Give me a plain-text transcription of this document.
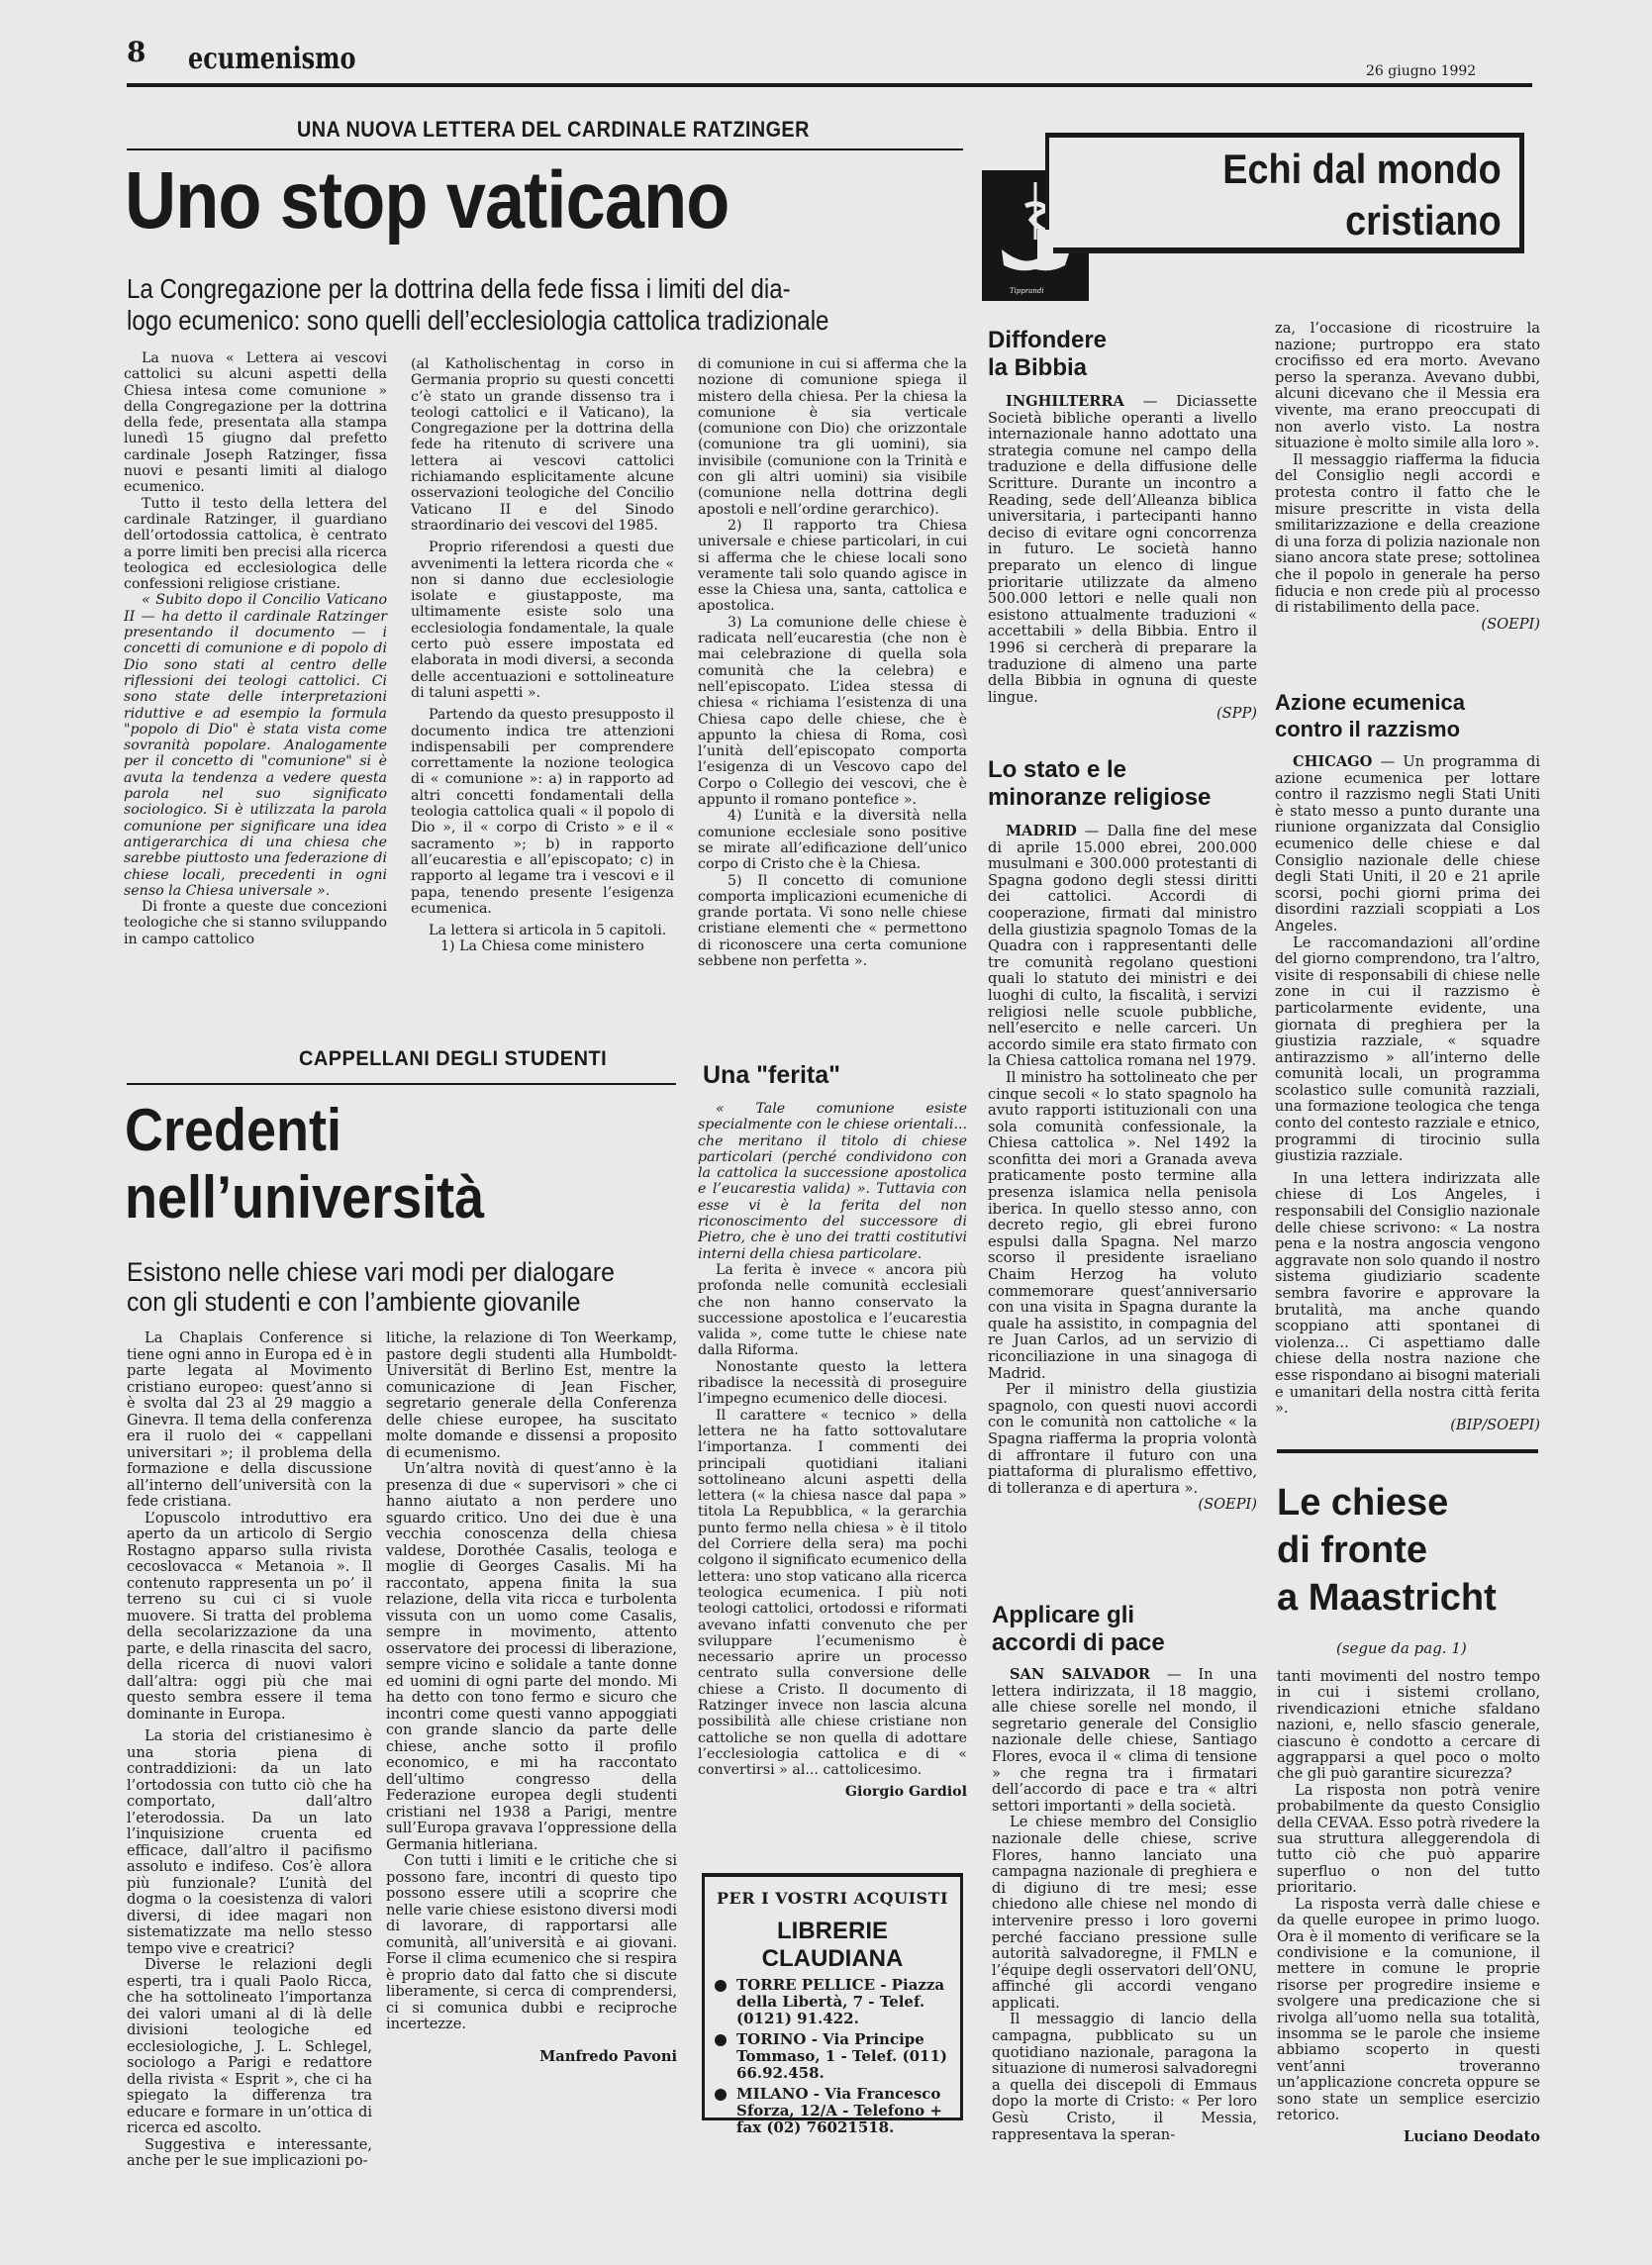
8 ecumenismo	26 giugno 1992
UNA NUOVA LETTERA DEL CARDINALE RATZINGER
Uno stop vaticano
La Congregazione per la dottrina della fede fissa i limiti del dia-
logo ecumenico: sono quelli dell’ecclesiologia cattolica tradizionale

La nuova « Lettera ai vescovi cattolici su alcuni aspetti della Chiesa intesa come comunione » della Congregazione per la dottrina della fede, presentata alla stampa lunedì 15 giugno dal prefetto cardinale Joseph Ratzinger, fissa nuovi e pesanti limiti al dialogo ecumenico.

Tutto il testo della lettera del cardinale Ratzinger, il guardiano dell’ortodossia cattolica, è centrato a porre limiti ben precisi alla ricerca teologica ed ecclesiologica delle confessioni religiose cristiane.

« Subito dopo il Concilio Vaticano II — ha detto il cardinale Ratzinger presentando il documento — i concetti di comunione e di popolo di Dio sono stati al centro delle riflessioni dei teologi cattolici. Ci sono state delle interpretazioni riduttive e ad esempio la formula "popolo di Dio" è stata vista come sovranità popolare. Analogamente per il concetto di "comunione" si è avuta la tendenza a vedere questa parola nel suo significato sociologico. Si è utilizzata la parola comunione per significare una idea antigerarchica di una chiesa che sarebbe piuttosto una federazione di chiese locali, precedenti in ogni senso la Chiesa universale ».

Di fronte a queste due concezioni teologiche che si stanno sviluppando in campo cattolico

(al Katholischentag in corso in Germania proprio su questi concetti c’è stato un grande dissenso tra i teologi cattolici e il Vaticano), la Congregazione per la dottrina della fede ha ritenuto di scrivere una lettera ai vescovi cattolici richiamando esplicitamente alcune osservazioni teologiche del Concilio Vaticano II e del Sinodo straordinario dei vescovi del 1985.

Proprio riferendosi a questi due avvenimenti la lettera ricorda che « non si danno due ecclesiologie isolate e giustapposte, ma ultimamente esiste solo una ecclesiologia fondamentale, la quale certo può essere impostata ed elaborata in modi diversi, a seconda delle accentuazioni e sottolineature di taluni aspetti ».

Partendo da questo presupposto il documento indica tre attenzioni indispensabili per comprendere correttamente la nozione teologica di « comunione »: a) in rapporto ad altri concetti fondamentali della teologia cattolica quali « il popolo di Dio », il « corpo di Cristo » e il « sacramento »; b) in rapporto all’eucarestia e all’episcopato; c) in rapporto al legame tra i vescovi e il papa, tenendo presente l’esigenza ecumenica.

La lettera si articola in 5 capitoli.

1) La Chiesa come ministero

di comunione in cui si afferma che la nozione di comunione spiega il mistero della chiesa. Per la chiesa la comunione è sia verticale (comunione con Dio) che orizzontale (comunione tra gli uomini), sia invisibile (comunione con la Trinità e con gli altri uomini) sia visibile (comunione nella dottrina degli apostoli e nell’ordine gerarchico).

2) Il rapporto tra Chiesa universale e chiese particolari, in cui si afferma che le chiese locali sono veramente tali solo quando agisce in esse la Chiesa una, santa, cattolica e apostolica.

3) La comunione delle chiese è radicata nell’eucarestia (che non è mai celebrazione di quella sola comunità che la celebra) e nell’episcopato. L’idea stessa di chiesa « richiama l’esistenza di una Chiesa capo delle chiese, che è appunto la chiesa di Roma, così l’unità dell’episcopato comporta l’esigenza di un Vescovo capo del Corpo o Collegio dei vescovi, che è appunto il romano pontefice ».

4) L’unità e la diversità nella comunione ecclesiale sono positive se mirate all’edificazione dell’unico corpo di Cristo che è la Chiesa.

5) Il concetto di comunione comporta implicazioni ecumeniche di grande portata. Vi sono nelle chiese cristiane elementi che « permettono di riconoscere una certa comunione sebbene non perfetta ».

Una "ferita"

« Tale comunione esiste specialmente con le chiese orientali... che meritano il titolo di chiese particolari (perché condividono con la cattolica la successione apostolica e l’eucarestia valida) ». Tuttavia con esse vi è la ferita del non riconoscimento del successore di Pietro, che è uno dei tratti costitutivi interni della chiesa particolare.

La ferita è invece « ancora più profonda nelle comunità ecclesiali che non hanno conservato la successione apostolica e l’eucarestia valida », come tutte le chiese nate dalla Riforma.

Nonostante questo la lettera ribadisce la necessità di proseguire l’impegno ecumenico delle diocesi.

Il carattere « tecnico » della lettera ne ha fatto sottovalutare l’importanza. I commenti dei principali quotidiani italiani sottolineano alcuni aspetti della lettera (« la chiesa nasce dal papa » titola La Repubblica, « la gerarchia punto fermo nella chiesa » è il titolo del Corriere della sera) ma pochi colgono il significato ecumenico della lettera: uno stop vaticano alla ricerca teologica ecumenica. I più noti teologi cattolici, ortodossi e riformati avevano infatti convenuto che per sviluppare l’ecumenismo è necessario aprire un processo centrato sulla conversione delle chiese a Cristo. Il documento di Ratzinger invece non lascia alcuna possibilità alle chiese cristiane non cattoliche se non quella di adottare l’ecclesiologia cattolica e di « convertirsi » al... cattolicesimo.

Giorgio Gardiol

CAPPELLANI DEGLI STUDENTI
Credenti
nell’università
Esistono nelle chiese vari modi per dialogare
con gli studenti e con l’ambiente giovanile

La Chaplais Conference si tiene ogni anno in Europa ed è in parte legata al Movimento cristiano europeo: quest’anno si è svolta dal 23 al 29 maggio a Ginevra. Il tema della conferenza era il ruolo dei « cappellani universitari »; il problema della formazione e della discussione all’interno dell’università con la fede cristiana.

L’opuscolo introduttivo era aperto da un articolo di Sergio Rostagno apparso sulla rivista cecoslovacca « Metanoia ». Il contenuto rappresenta un po’ il terreno su cui ci si vuole muovere. Si tratta del problema della secolarizzazione da una parte, e della rinascita del sacro, della ricerca di nuovi valori dall’altra: oggi più che mai questo sembra essere il tema dominante in Europa.

La storia del cristianesimo è una storia piena di contraddizioni: da un lato l’ortodossia con tutto ciò che ha comportato, dall’altro l’eterodossia. Da un lato l’inquisizione cruenta ed efficace, dall’altro il pacifismo assoluto e indifeso. Cos’è allora più funzionale? L’unità del dogma o la coesistenza di valori diversi, di idee magari non sistematizzate ma nello stesso tempo vive e creatrici?

Diverse le relazioni degli esperti, tra i quali Paolo Ricca, che ha sottolineato l’importanza dei valori umani al di là delle divisioni teologiche ed ecclesiologiche, J. L. Schlegel, sociologo a Parigi e redattore della rivista « Esprit », che ci ha spiegato la differenza tra educare e formare in un’ottica di ricerca ed ascolto.

Suggestiva e interessante, anche per le sue implicazioni po-

litiche, la relazione di Ton Weerkamp, pastore degli studenti alla Humboldt-Universität di Berlino Est, mentre la comunicazione di Jean Fischer, segretario generale della Conferenza delle chiese europee, ha suscitato molte domande e dissensi a proposito di ecumenismo.

Un’altra novità di quest’anno è la presenza di due « supervisori » che ci hanno aiutato a non perdere uno sguardo critico. Uno dei due è una vecchia conoscenza della chiesa valdese, Dorothée Casalis, teologa e moglie di Georges Casalis. Mi ha raccontato, appena finita la sua relazione, della vita ricca e turbolenta vissuta con un uomo come Casalis, sempre in movimento, attento osservatore dei processi di liberazione, sempre vicino e solidale a tante donne ed uomini di ogni parte del mondo. Mi ha detto con tono fermo e sicuro che incontri come questi vanno appoggiati con grande slancio da parte delle chiese, anche sotto il profilo economico, e mi ha raccontato dell’ultimo congresso della Federazione europea degli studenti cristiani nel 1938 a Parigi, mentre sull’Europa gravava l’oppressione della Germania hitleriana.

Con tutti i limiti e le critiche che si possono fare, incontri di questo tipo possono essere utili a scoprire che nelle varie chiese esistono diversi modi di lavorare, di rapportarsi alle comunità, all’università e ai giovani. Forse il clima ecumenico che si respira è proprio dato dal fatto che si discute liberamente, si cerca di comprendersi, ci si comunica dubbi e reciproche incertezze.

Manfredo Pavoni

PER I VOSTRI ACQUISTI
LIBRERIE
CLAUDIANA
TORRE PELLICE - Piazza della Libertà, 7 - Telef. (0121) 91.422.
TORINO - Via Principe Tommaso, 1 - Telef. (011) 66.92.458.
MILANO - Via Francesco Sforza, 12/A - Telefono + fax (02) 76021518.
Tipprandi
Echi dal mondo
cristiano
Diffondere
la Bibbia

INGHILTERRA — Diciassette Società bibliche operanti a livello internazionale hanno adottato una strategia comune nel campo della traduzione e della diffusione delle Scritture. Durante un incontro a Reading, sede dell’Alleanza biblica universitaria, i partecipanti hanno deciso di evitare ogni concorrenza in futuro. Le società hanno preparato un elenco di lingue prioritarie utilizzate da almeno 500.000 lettori e nelle quali non esistono attualmente traduzioni « accettabili » della Bibbia. Entro il 1996 si cercherà di preparare la traduzione di almeno una parte della Bibbia in ognuna di queste lingue.

(SPP)

Lo stato e le
minoranze religiose

MADRID — Dalla fine del mese di aprile 15.000 ebrei, 200.000 musulmani e 300.000 protestanti di Spagna godono degli stessi diritti dei cattolici. Accordi di cooperazione, firmati dal ministro della giustizia spagnolo Tomas de la Quadra con i rappresentanti delle tre comunità regolano questioni quali lo statuto dei ministri e dei luoghi di culto, la fiscalità, i servizi religiosi nelle scuole pubbliche, nell’esercito e nelle carceri. Un accordo simile era stato firmato con la Chiesa cattolica romana nel 1979.

Il ministro ha sottolineato che per cinque secoli « lo stato spagnolo ha avuto rapporti istituzionali con una sola comunità confessionale, la Chiesa cattolica ». Nel 1492 la sconfitta dei mori a Granada aveva praticamente posto termine alla presenza islamica nella penisola iberica. In quello stesso anno, con decreto regio, gli ebrei furono espulsi dalla Spagna. Nel marzo scorso il presidente israeliano Chaim Herzog ha voluto commemorare quest’anniversario con una visita in Spagna durante la quale ha assistito, in compagnia del re Juan Carlos, ad un servizio di riconciliazione in una sinagoga di Madrid.

Per il ministro della giustizia spagnolo, con questi nuovi accordi con le comunità non cattoliche « la Spagna riafferma la propria volontà di affrontare il futuro con una piattaforma di pluralismo effettivo, di tolleranza e di apertura ».

(SOEPI)

Applicare gli
accordi di pace

SAN SALVADOR — In una lettera indirizzata, il 18 maggio, alle chiese sorelle nel mondo, il segretario generale del Consiglio nazionale delle chiese, Santiago Flores, evoca il « clima di tensione » che regna tra i firmatari dell’accordo di pace e tra « altri settori importanti » della società.

Le chiese membro del Consiglio nazionale delle chiese, scrive Flores, hanno lanciato una campagna nazionale di preghiera e di digiuno di tre mesi; esse chiedono alle chiese nel mondo di intervenire presso i loro governi perché facciano pressione sulle autorità salvadoregne, il FMLN e l’équipe degli osservatori dell’ONU, affinché gli accordi vengano applicati.

Il messaggio di lancio della campagna, pubblicato su un quotidiano nazionale, paragona la situazione di numerosi salvadoregni a quella dei discepoli di Emmaus dopo la morte di Cristo: « Per loro Gesù Cristo, il Messia, rappresentava la speran-

za, l’occasione di ricostruire la nazione; purtroppo era stato crocifisso ed era morto. Avevano perso la speranza. Avevano dubbi, alcuni dicevano che il Messia era vivente, ma erano preoccupati di non averlo visto. La nostra situazione è molto simile alla loro ».

Il messaggio riafferma la fiducia del Consiglio negli accordi e protesta contro il fatto che le misure prescritte in vista della smilitarizzazione e della creazione di una forza di polizia nazionale non siano ancora state prese; sottolinea che il popolo in generale ha perso fiducia e non crede più al processo di ristabilimento della pace.

(SOEPI)

Azione ecumenica
contro il razzismo

CHICAGO — Un programma di azione ecumenica per lottare contro il razzismo negli Stati Uniti è stato messo a punto durante una riunione organizzata dal Consiglio ecumenico delle chiese e dal Consiglio nazionale delle chiese degli Stati Uniti, il 20 e 21 aprile scorsi, pochi giorni prima dei disordini razziali scoppiati a Los Angeles.

Le raccomandazioni all’ordine del giorno comprendono, tra l’altro, visite di responsabili di chiese nelle zone in cui il razzismo è particolarmente evidente, una giornata di preghiera per la giustizia razziale, « squadre antirazzismo » all’interno delle comunità locali, un programma scolastico sulle comunità razziali, una formazione teologica che tenga conto del contesto razziale e etnico, programmi di tirocinio sulla giustizia razziale.

In una lettera indirizzata alle chiese di Los Angeles, i responsabili del Consiglio nazionale delle chiese scrivono: « La nostra pena e la nostra angoscia vengono aggravate non solo quando il nostro sistema giudiziario scadente sembra favorire e approvare la brutalità, ma anche quando scoppiano atti spontanei di violenza... Ci aspettiamo dalle chiese della nostra nazione che esse rispondano ai bisogni materiali e umanitari della nostra città ferita ».

(BIP/SOEPI)

Le chiese
di fronte
a Maastricht
(segue da pag. 1)

tanti movimenti del nostro tempo in cui i sistemi crollano, rivendicazioni etniche sfaldano nazioni, e, nello sfascio generale, ciascuno è condotto a cercare di aggrapparsi a quel poco o molto che gli può garantire sicurezza?

La risposta non potrà venire probabilmente da questo Consiglio della CEVAA. Esso potrà rivedere la sua struttura alleggerendola di tutto ciò che può apparire superfluo o non del tutto prioritario.

La risposta verrà dalle chiese e da quelle europee in primo luogo. Ora è il momento di verificare se la condivisione e la comunione, il mettere in comune le proprie risorse per progredire insieme e svolgere una predicazione che si rivolga all’uomo nella sua totalità, insomma se le parole che insieme abbiamo scoperto in questi vent’anni troveranno un’applicazione concreta oppure se sono state un semplice esercizio retorico.

Luciano Deodato
